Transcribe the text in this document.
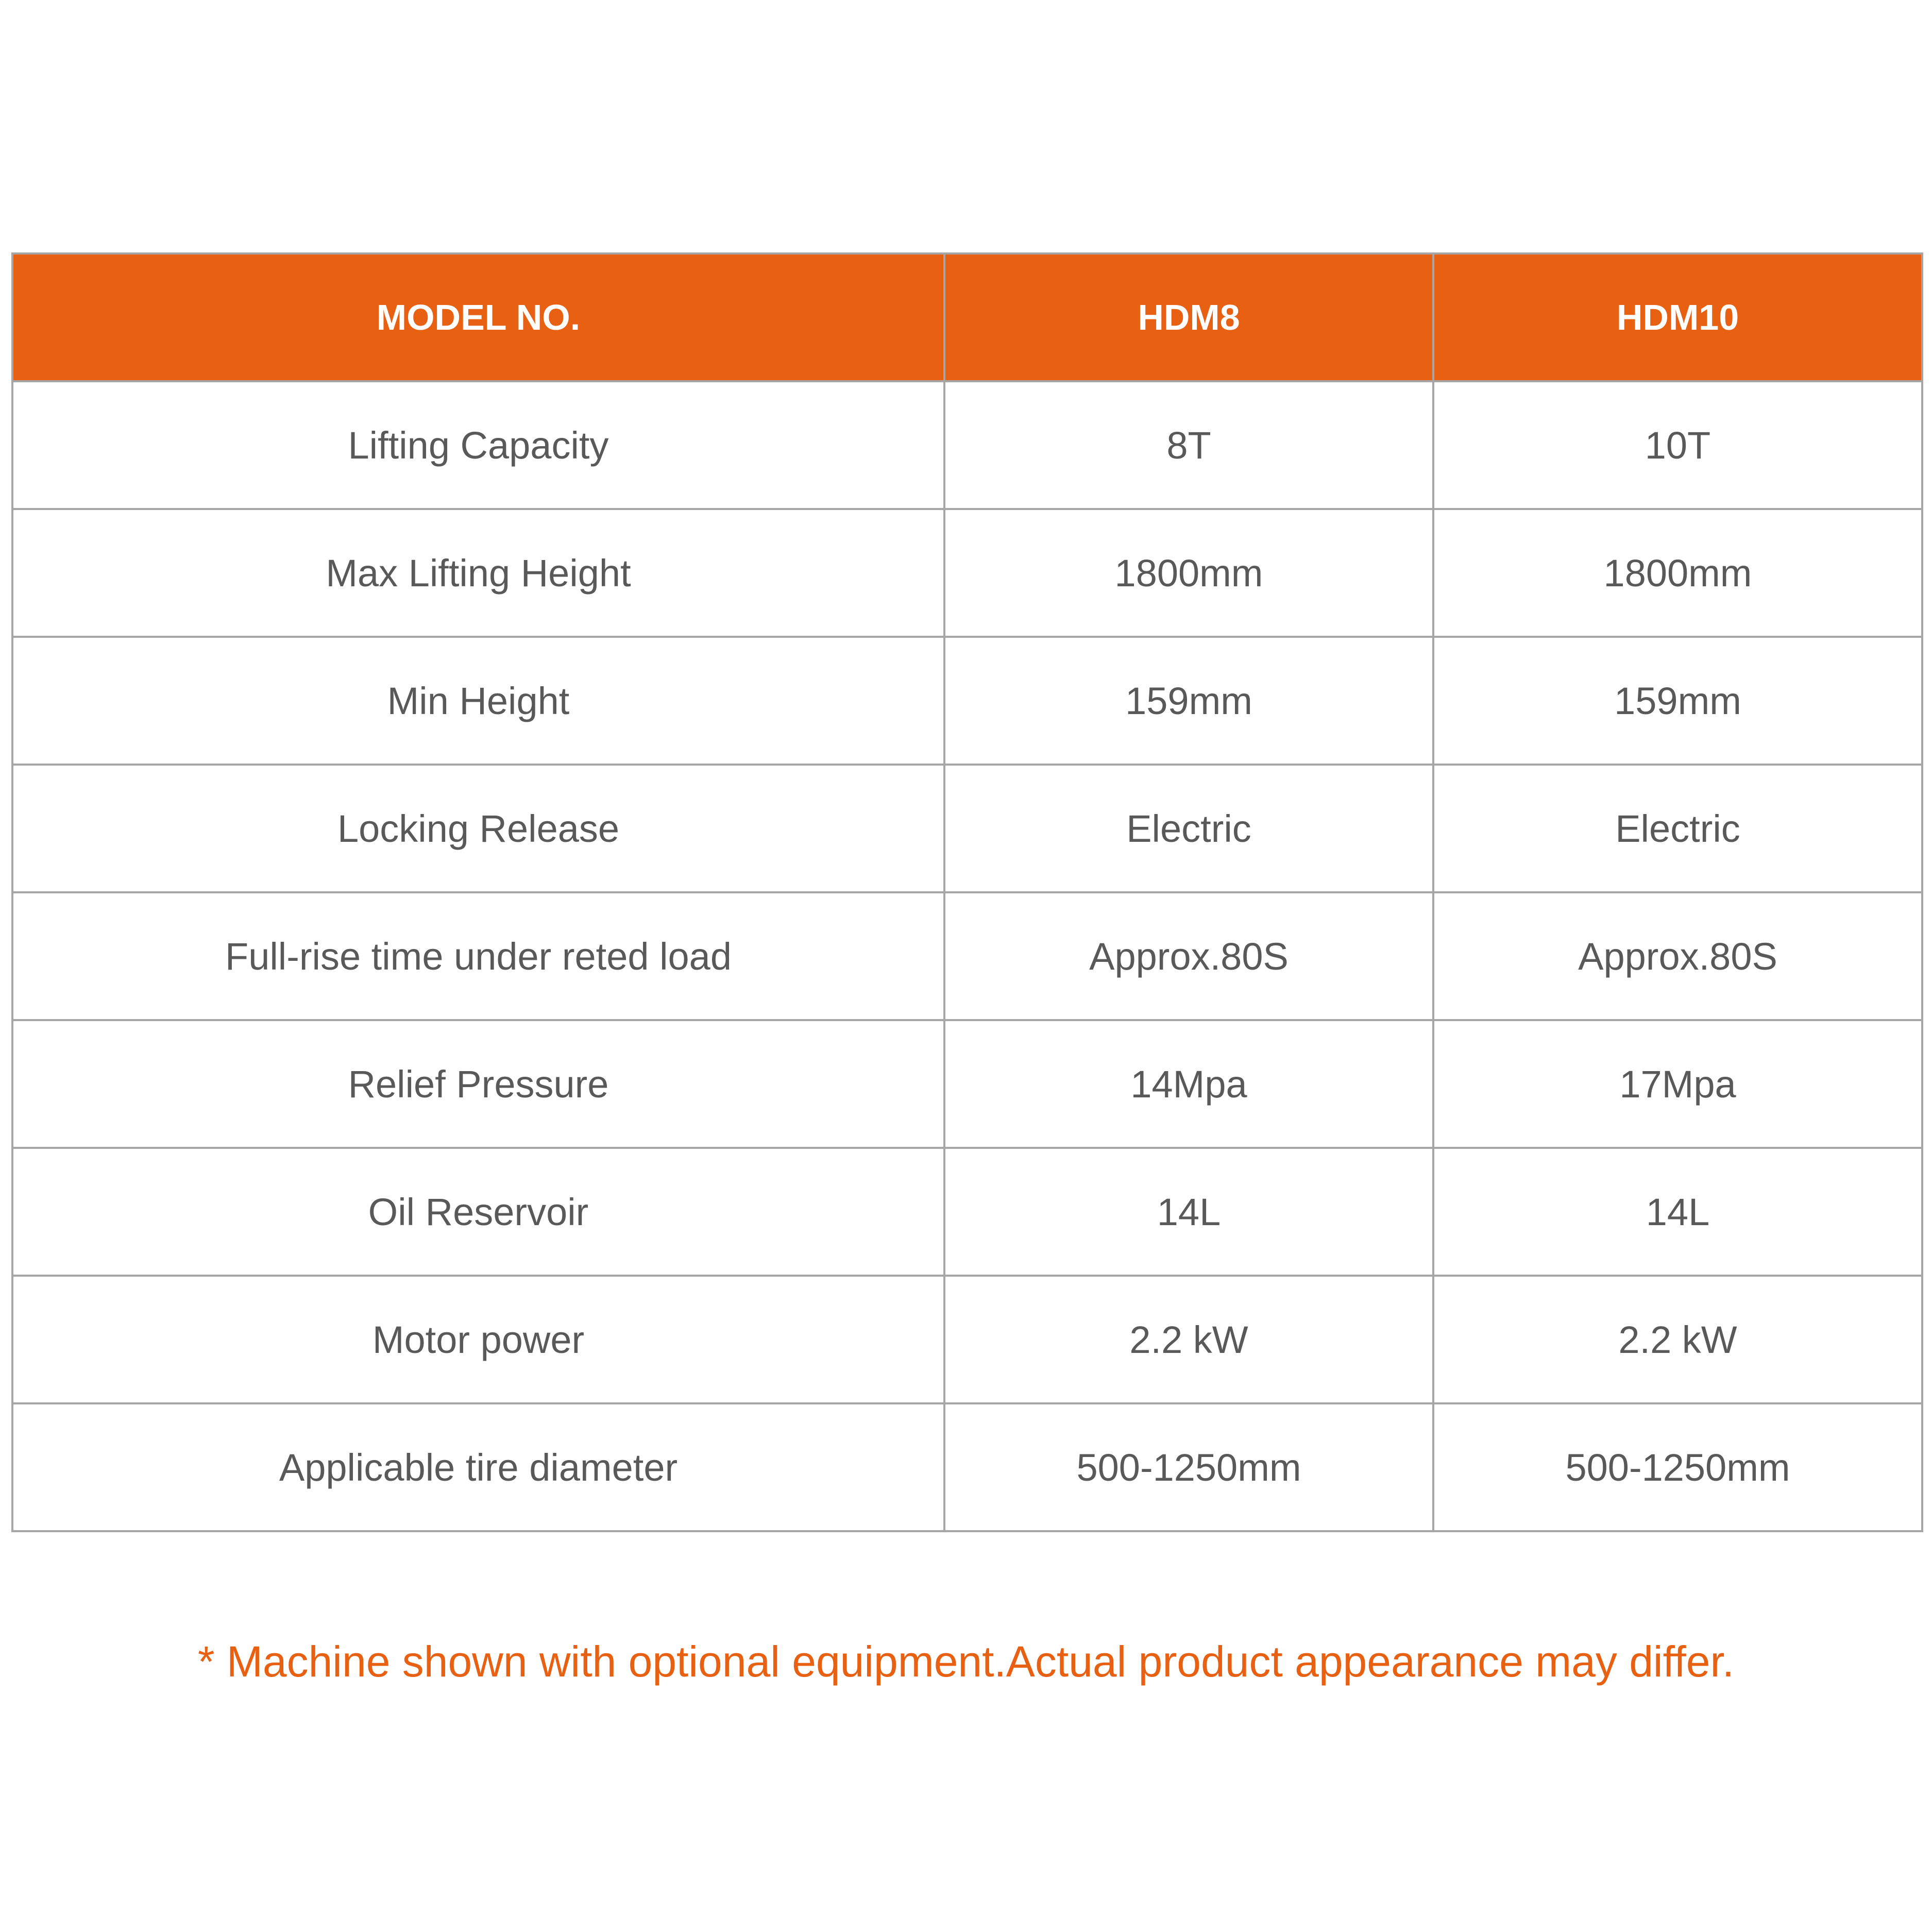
MODEL NO.	HDM8	HDM10
Lifting Capacity	8T	10T
Max Lifting Height	1800mm	1800mm
Min Height	159mm	159mm
Locking Release	Electric	Electric
Full-rise time under reted load	Approx.80S	Approx.80S
Relief Pressure	14Mpa	17Mpa
Oil Reservoir	14L	14L
Motor power	2.2 kW	2.2 kW
Applicable tire diameter	500-1250mm	500-1250mm
* Machine shown with optional equipment.Actual product appearance may differ.
